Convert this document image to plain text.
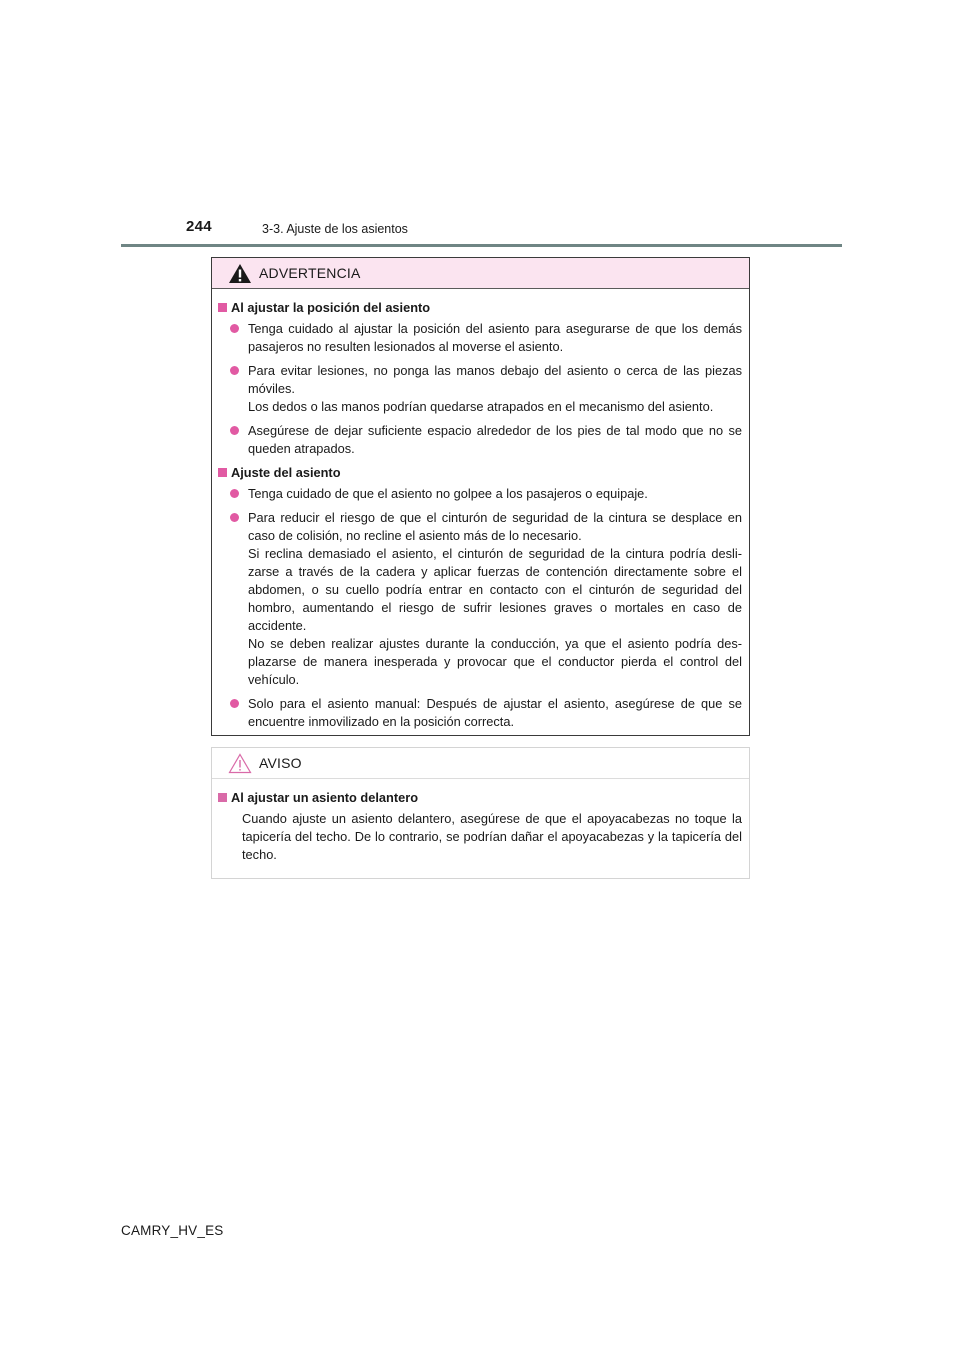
244	3-3. Ajuste de los asientos
ADVERTENCIA
Al ajustar la posición del asiento
Tenga cuidado al ajustar la posición del asiento para asegurarse de que los demás pasajeros no resulten lesionados al moverse el asiento.
Para evitar lesiones, no ponga las manos debajo del asiento o cerca de las piezas móviles.
Los dedos o las manos podrían quedarse atrapados en el mecanismo del asiento.
Asegúrese de dejar suficiente espacio alrededor de los pies de tal modo que no se queden atrapados.
Ajuste del asiento
Tenga cuidado de que el asiento no golpee a los pasajeros o equipaje.
Para reducir el riesgo de que el cinturón de seguridad de la cintura se desplace en caso de colisión, no recline el asiento más de lo necesario.
Si reclina demasiado el asiento, el cinturón de seguridad de la cintura podría desli-zarse a través de la cadera y aplicar fuerzas de contención directamente sobre el abdomen, o su cuello podría entrar en contacto con el cinturón de seguridad del hombro, aumentando el riesgo de sufrir lesiones graves o mortales en caso de accidente.
No se deben realizar ajustes durante la conducción, ya que el asiento podría des-plazarse de manera inesperada y provocar que el conductor pierda el control del vehículo.
Solo para el asiento manual: Después de ajustar el asiento, asegúrese de que se encuentre inmovilizado en la posición correcta.
AVISO
Al ajustar un asiento delantero

Cuando ajuste un asiento delantero, asegúrese de que el apoyacabezas no toque la tapicería del techo. De lo contrario, se podrían dañar el apoyacabezas y la tapicería del techo.

CAMRY_HV_ES
